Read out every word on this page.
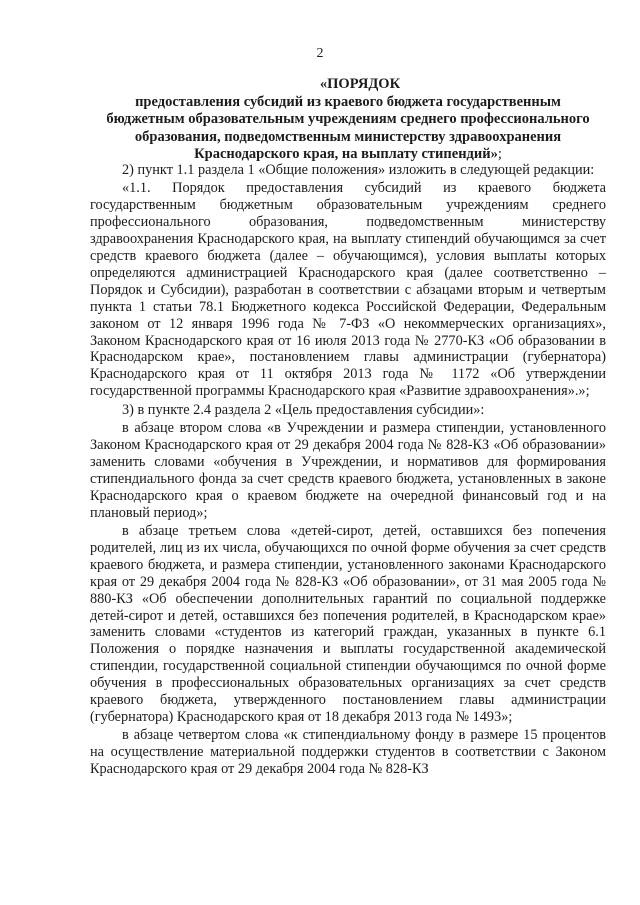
2
«ПОРЯДОК
предоставления субсидий из краевого бюджета государственным
бюджетным образовательным учреждениям среднего профессионального
образования, подведомственным министерству здравоохранения
Краснодарского края, на выплату стипендий»;

2) пункт 1.1 раздела 1 «Общие положения» изложить в следующей редакции:

«1.1. Порядок предоставления субсидий из краевого бюджета государственным бюджетным образовательным учреждениям среднего профессионального образования, подведомственным министерству здравоохранения Краснодарского края, на выплату стипендий обучающимся за счет средств краевого бюджета (далее – обучающимся), условия выплаты которых определяются администрацией Краснодарского края (далее соответственно – Порядок и Субсидии), разработан в соответствии с абзацами вторым и четвертым пункта 1 статьи 78.1 Бюджетного кодекса Российской Федерации, Федеральным законом от 12 января 1996 года № 7-ФЗ «О некоммерческих организациях», Законом Краснодарского края от 16 июля 2013 года № 2770-КЗ «Об образовании в Краснодарском крае», постановлением главы администрации (губернатора) Краснодарского края от 11 октября 2013 года № 1172 «Об утверждении государственной программы Краснодарского края «Развитие здравоохранения».»;

3) в пункте 2.4 раздела 2 «Цель предоставления субсидии»:

в абзаце втором слова «в Учреждении и размера стипендии, установленного Законом Краснодарского края от 29 декабря 2004 года № 828-КЗ «Об образовании» заменить словами «обучения в Учреждении, и нормативов для формирования стипендиального фонда за счет средств краевого бюджета, установленных в законе Краснодарского края о краевом бюджете на очередной финансовый год и на плановый период»;

в абзаце третьем слова «детей-сирот, детей, оставшихся без попечения родителей, лиц из их числа, обучающихся по очной форме обучения за счет средств краевого бюджета, и размера стипендии, установленного законами Краснодарского края от 29 декабря 2004 года № 828-КЗ «Об образовании», от 31 мая 2005 года № 880-КЗ «Об обеспечении дополнительных гарантий по социальной поддержке детей-сирот и детей, оставшихся без попечения родителей, в Краснодарском крае» заменить словами «студентов из категорий граждан, указанных в пункте 6.1 Положения о порядке назначения и выплаты государственной академической стипендии, государственной социальной стипендии обучающимся по очной форме обучения в профессиональных образовательных организациях за счет средств краевого бюджета, утвержденного постановлением главы администрации (губернатора) Краснодарского края от 18 декабря 2013 года № 1493»;

в абзаце четвертом слова «к стипендиальному фонду в размере 15 процентов на осуществление материальной поддержки студентов в соответствии с Законом Краснодарского края от 29 декабря 2004 года № 828-КЗ
